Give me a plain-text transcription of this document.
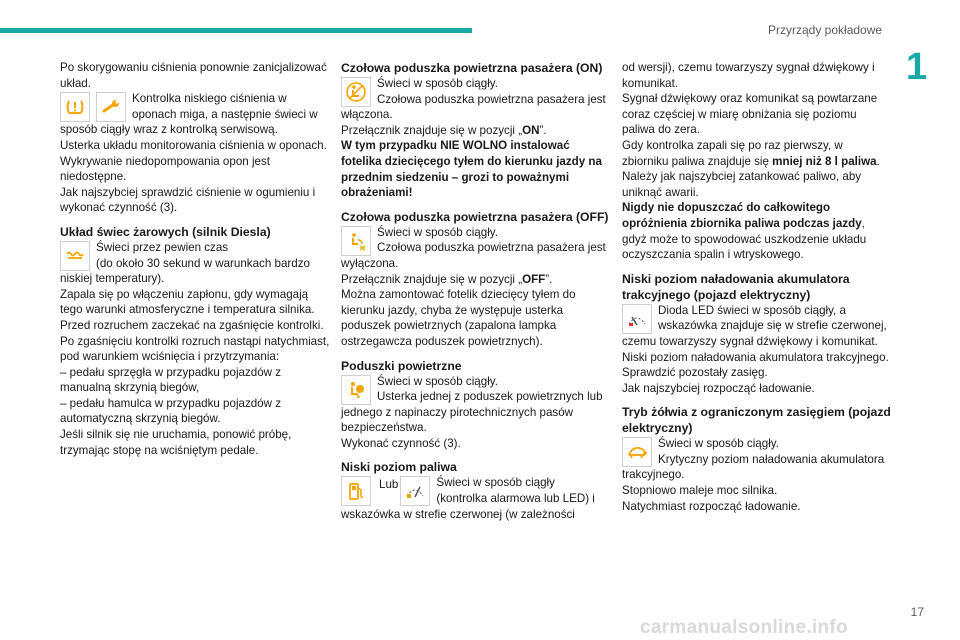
Przyrządy pokładowe
1

Po skorygowaniu ciśnienia ponownie zanicjalizować układ.

Kontrolka niskiego ciśnienia w oponach miga, a następnie świeci w sposób ciągły wraz z kontrolką serwisową.

Usterka układu monitorowania ciśnienia w oponach.

Wykrywanie niedopompowania opon jest niedostępne.

Jak najszybciej sprawdzić ciśnienie w ogumieniu i wykonać czynność (3).

Układ świec żarowych (silnik Diesla)

Świeci przez pewien czas

(do około 30 sekund w warunkach bardzo niskiej temperatury).

Zapala się po włączeniu zapłonu, gdy wymagają tego warunki atmosferyczne i temperatura silnika.

Przed rozruchem zaczekać na zgaśnięcie kontrolki.

Po zgaśnięciu kontrolki rozruch nastąpi natychmiast, pod warunkiem wciśnięcia i przytrzymania:

– pedału sprzęgła w przypadku pojazdów z manualną skrzynią biegów,

– pedału hamulca w przypadku pojazdów z automatyczną skrzynią biegów.

Jeśli silnik się nie uruchamia, ponowić próbę, trzymając stopę na wciśniętym pedale.

Czołowa poduszka powietrzna pasażera (ON)

Świeci w sposób ciągły.

Czołowa poduszka powietrzna pasażera jest włączona.

Przełącznik znajduje się w pozycji „ON”.

W tym przypadku NIE WOLNO instalować fotelika dziecięcego tyłem do kierunku jazdy na przednim siedzeniu – grozi to poważnymi obrażeniami!

Czołowa poduszka powietrzna pasażera (OFF)

Świeci w sposób ciągły.

Czołowa poduszka powietrzna pasażera jest wyłączona.

Przełącznik znajduje się w pozycji „OFF”.

Można zamontować fotelik dziecięcy tyłem do kierunku jazdy, chyba że występuje usterka poduszek powietrznych (zapalona lampka ostrzegawcza poduszek powietrznych).

Poduszki powietrzne

Świeci w sposób ciągły.

Usterka jednej z poduszek powietrznych lub jednego z napinaczy pirotechnicznych pasów bezpieczeństwa.

Wykonać czynność (3).

Niski poziom paliwa
Lub	Świeci w sposób ciągły

(kontrolka alarmowa lub LED) i wskazówka w strefie czerwonej (w zależności

od wersji), czemu towarzyszy sygnał dźwiękowy i komunikat.

Sygnał dźwiękowy oraz komunikat są powtarzane coraz częściej w miarę obniżania się poziomu paliwa do zera.

Gdy kontrolka zapali się po raz pierwszy, w zbiorniku paliwa znajduje się mniej niż 8 l paliwa.

Należy jak najszybciej zatankować paliwo, aby uniknąć awarii.

Nigdy nie dopuszczać do całkowitego opróżnienia zbiornika paliwa podczas jazdy, gdyż może to spowodować uszkodzenie układu oczyszczania spalin i wtryskowego.

Niski poziom naładowania akumulatora trakcyjnego (pojazd elektryczny)

Dioda LED świeci w sposób ciągły, a wskazówka znajduje się w strefie czerwonej, czemu towarzyszy sygnał dźwiękowy i komunikat.

Niski poziom naładowania akumulatora trakcyjnego.

Sprawdzić pozostały zasięg.

Jak najszybciej rozpocząć ładowanie.

Tryb żółwia z ograniczonym zasięgiem (pojazd elektryczny)

Świeci w sposób ciągły.

Krytyczny poziom naładowania akumulatora trakcyjnego.

Stopniowo maleje moc silnika.

Natychmiast rozpocząć ładowanie.

17
carmanualsonline.info
